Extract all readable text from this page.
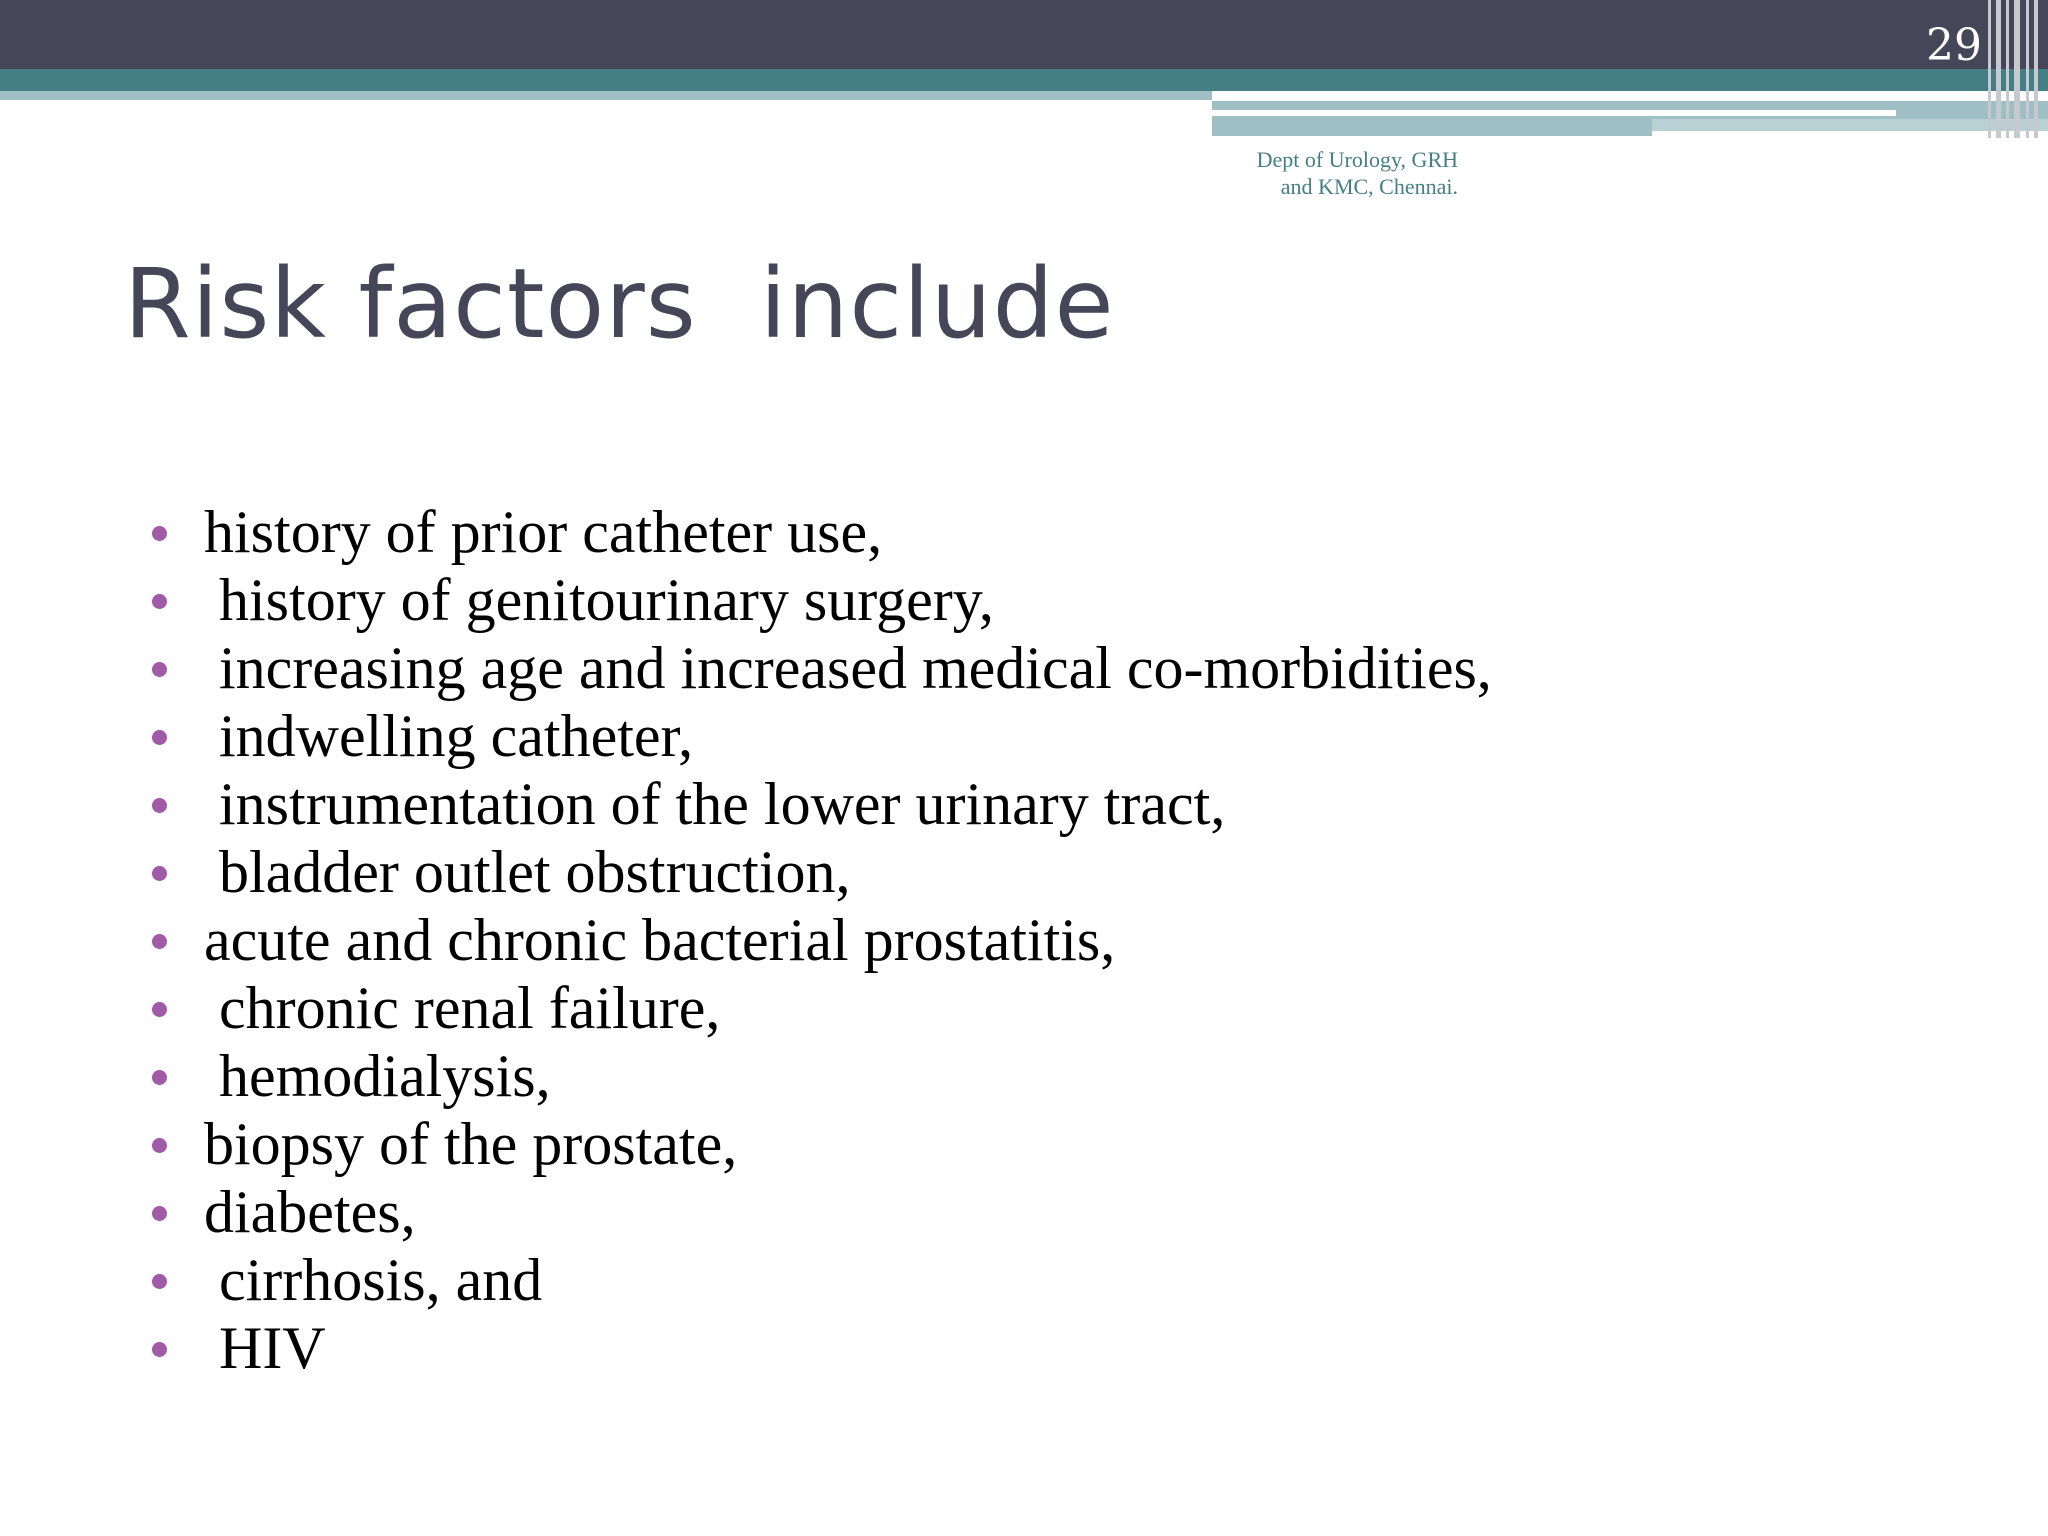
29
Dept of Urology, GRH
and KMC, Chennai.
Risk factors  include
history of prior catheter use,
history of genitourinary surgery,
increasing age and increased medical co-morbidities,
indwelling catheter,
instrumentation of the lower urinary tract,
bladder outlet obstruction,
acute and chronic bacterial prostatitis,
chronic renal failure,
hemodialysis,
biopsy of the prostate,
diabetes,
cirrhosis, and
HIV
